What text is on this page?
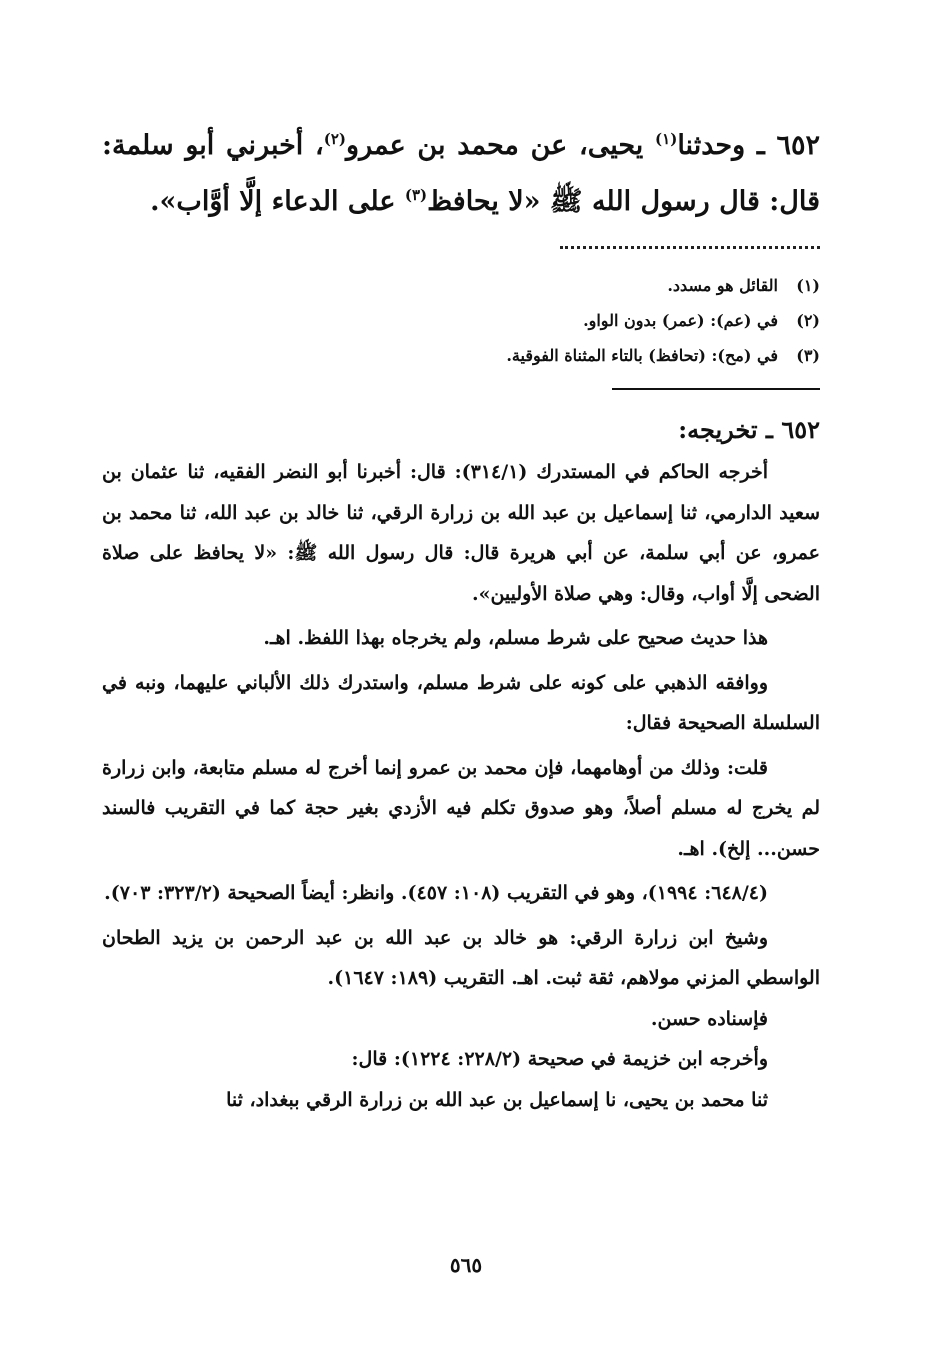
٦٥٢ ـ وحدثنا$^{(١)}$ يحيى، عن محمد بن عمرو$^{(٢)}$، أخبرني أبو سلمة: قال: قال رسول الله ﷺ «لا يحافظ$^{(٣)}$ على الدعاء إلَّا أوَّاب».

(١)
القائل هو مسدد.
(٢)
في (عم): (عمر) بدون الواو.
(٣)
في (مح): (تحافظ) بالتاء المثناة الفوقية.
٦٥٢ ـ تخريجه:

أخرجه الحاكم في المستدرك (٣١٤/١): قال: أخبرنا أبو النضر الفقيه، ثنا عثمان بن سعيد الدارمي، ثنا إسماعيل بن عبد الله بن زرارة الرقي، ثنا خالد بن عبد الله، ثنا محمد بن عمرو، عن أبي سلمة، عن أبي هريرة قال: قال رسول الله ﷺ: «لا يحافظ على صلاة الضحى إلَّا أواب، وقال: وهي صلاة الأوليين».

هذا حديث صحيح على شرط مسلم، ولم يخرجاه بهذا اللفظ. اهـ.

ووافقه الذهبي على كونه على شرط مسلم، واستدرك ذلك الألباني عليهما، ونبه في السلسلة الصحيحة فقال:

قلت: وذلك من أوهامهما، فإن محمد بن عمرو إنما أخرج له مسلم متابعة، وابن زرارة لم يخرج له مسلم أصلاً، وهو صدوق تكلم فيه الأزدي بغير حجة كما في التقريب فالسند حسن... إلخ). اهـ.

(٦٤٨/٤: ١٩٩٤)، وهو في التقريب (١٠٨: ٤٥٧). وانظر: أيضاً الصحيحة (٣٢٣/٢: ٧٠٣).

وشيخ ابن زرارة الرقي: هو خالد بن عبد الله بن عبد الرحمن بن يزيد الطحان الواسطي المزني مولاهم، ثقة ثبت. اهـ. التقريب (١٨٩: ١٦٤٧).

فإسناده حسن.

وأخرجه ابن خزيمة في صحيحة (٢٢٨/٢: ١٢٢٤): قال:

ثنا محمد بن يحيى، نا إسماعيل بن عبد الله بن زرارة الرقي ببغداد، ثنا

٥٦٥
